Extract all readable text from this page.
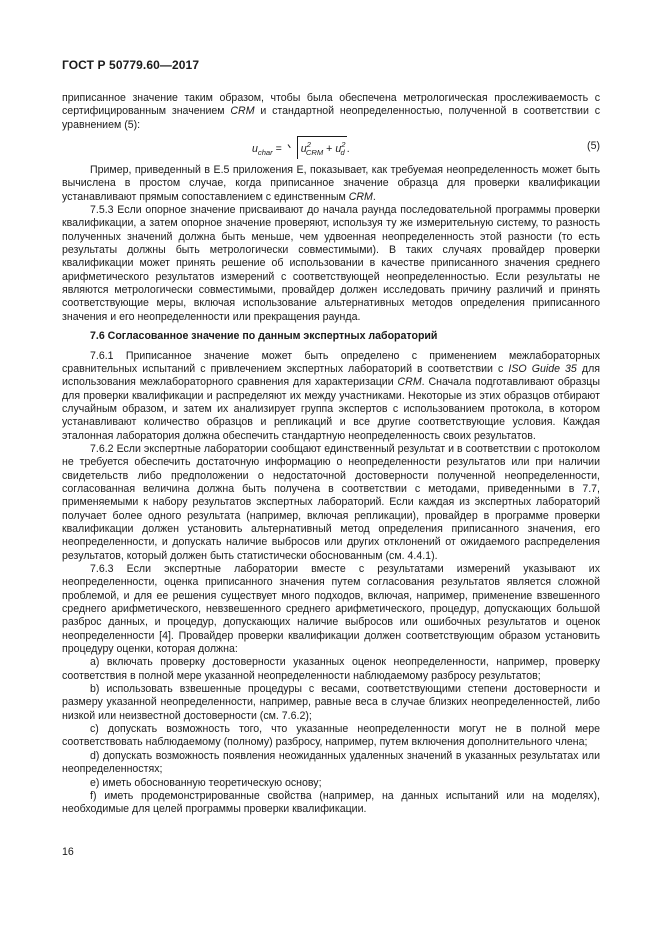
ГОСТ Р 50779.60—2017

приписанное значение таким образом, чтобы была обеспечена метрологическая прослеживаемость с сертифицированным значением CRM и стандартной неопределенностью, полученной в соответствии с уравнением (5):

$u_{char} = u^2_{CRM} + u^2_d$ .	(5)

Пример, приведенный в Е.5 приложения Е, показывает, как требуемая неопределенность может быть вычислена в простом случае, когда приписанное значение образца для проверки квалификации устанавливают прямым сопоставлением с единственным CRM.

7.5.3 Если опорное значение присваивают до начала раунда последовательной программы проверки квалификации, а затем опорное значение проверяют, используя ту же измерительную систему, то разность полученных значений должна быть меньше, чем удвоенная неопределенность этой разности (то есть результаты должны быть метрологически совместимыми). В таких случаях провайдер проверки квалификации может принять решение об использовании в качестве приписанного значения среднего арифметического результатов измерений с соответствующей неопределенностью. Если результаты не являются метрологически совместимыми, провайдер должен исследовать причину различий и принять соответствующие меры, включая использование альтернативных методов определения приписанного значения и его неопределенности или прекращения раунда.

7.6 Согласованное значение по данным экспертных лабораторий

7.6.1 Приписанное значение может быть определено с применением межлабораторных сравнительных испытаний с привлечением экспертных лабораторий в соответствии с ISO Guide 35 для использования межлабораторного сравнения для характеризации CRM. Сначала подготавливают образцы для проверки квалификации и распределяют их между участниками. Некоторые из этих образцов отбирают случайным образом, и затем их анализирует группа экспертов с использованием протокола, в котором устанавливают количество образцов и репликаций и все другие соответствующие условия. Каждая эталонная лаборатория должна обеспечить стандартную неопределенность своих результатов.

7.6.2 Если экспертные лаборатории сообщают единственный результат и в соответствии с протоколом не требуется обеспечить достаточную информацию о неопределенности результатов или при наличии свидетельств либо предположении о недостаточной достоверности полученной неопределенности, согласованная величина должна быть получена в соответствии с методами, приведенными в 7.7, применяемыми к набору результатов экспертных лабораторий. Если каждая из экспертных лабораторий получает более одного результата (например, включая репликации), провайдер в программе проверки квалификации должен установить альтернативный метод определения приписанного значения, его неопределенности, и допускать наличие выбросов или других отклонений от ожидаемого распределения результатов, который должен быть статистически обоснованным (см. 4.4.1).

7.6.3 Если экспертные лаборатории вместе с результатами измерений указывают их неопределенности, оценка приписанного значения путем согласования результатов является сложной проблемой, и для ее решения существует много подходов, включая, например, применение взвешенного среднего арифметического, невзвешенного среднего арифметического, процедур, допускающих большой разброс данных, и процедур, допускающих наличие выбросов или ошибочных результатов и оценок неопределенности [4]. Провайдер проверки квалификации должен соответствующим образом установить процедуру оценки, которая должна:

а) включать проверку достоверности указанных оценок неопределенности, например, проверку соответствия в полной мере указанной неопределенности наблюдаемому разбросу результатов;

b) использовать взвешенные процедуры с весами, соответствующими степени достоверности и размеру указанной неопределенности, например, равные веса в случае близких неопределенностей, либо низкой или неизвестной достоверности (см. 7.6.2);

с) допускать возможность того, что указанные неопределенности могут не в полной мере соответствовать наблюдаемому (полному) разбросу, например, путем включения дополнительного члена;

d) допускать возможность появления неожиданных удаленных значений в указанных результатах или неопределенностях;

е) иметь обоснованную теоретическую основу;

f) иметь продемонстрированные свойства (например, на данных испытаний или на моделях), необходимые для целей программы проверки квалификации.

16
